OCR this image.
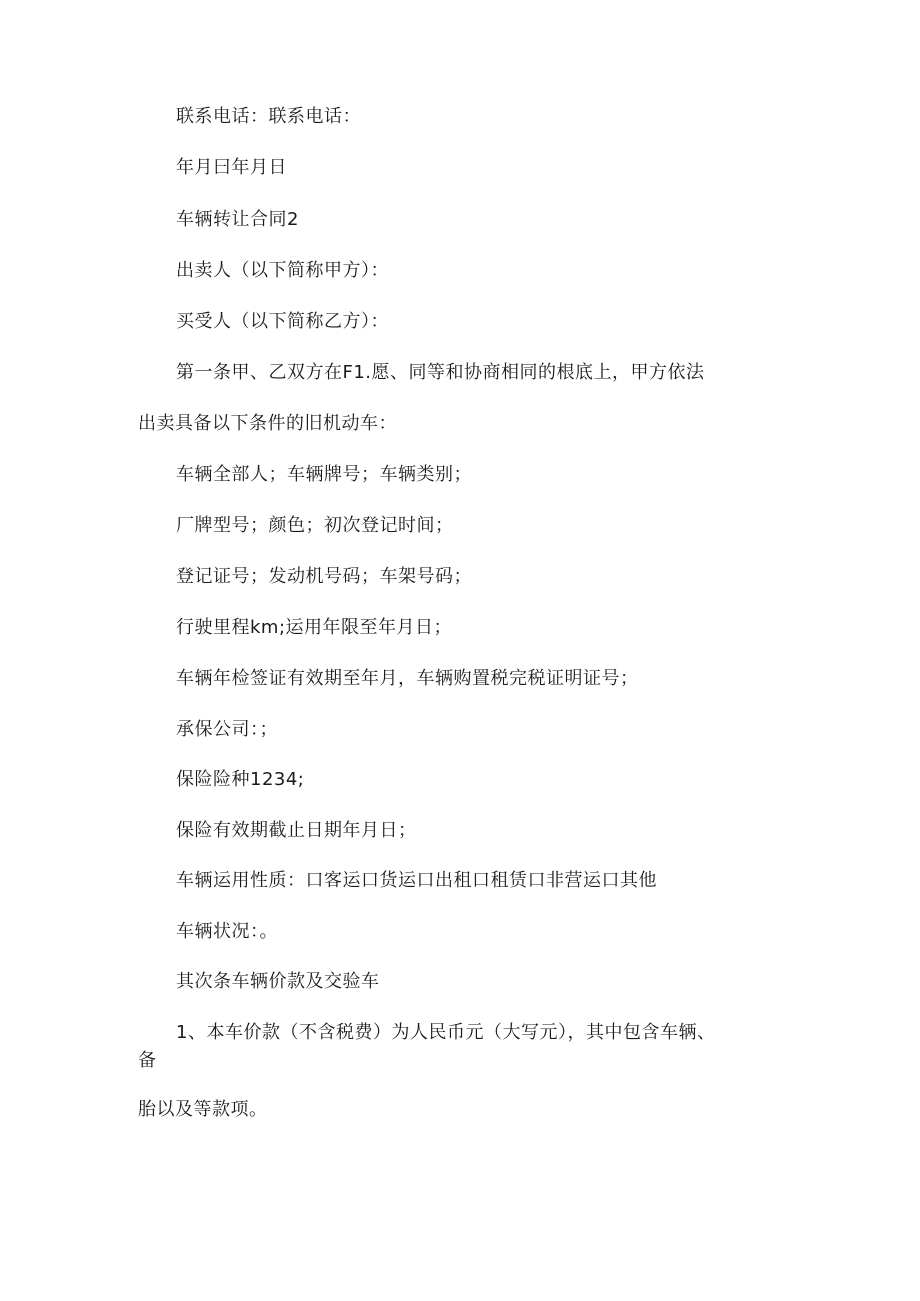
联系电话：联系电话：
年月曰年月日
车辆转让合同2
出卖人（以下简称甲方）：
买受人（以下简称乙方）：
第一条甲、乙双方在F1.愿、同等和协商相同的根底上，甲方依法
出卖具备以下条件的旧机动车：
车辆全部人；车辆牌号；车辆类别；
厂牌型号；颜色；初次登记时间；
登记证号；发动机号码；车架号码；
行驶里程km;运用年限至年月日；
车辆年检签证有效期至年月，车辆购置税完税证明证号；
承保公司：；
保险险种1234;
保险有效期截止日期年月日；
车辆运用性质：口客运口货运口出租口租赁口非营运口其他
车辆状况：。
其次条车辆价款及交验车
1、本车价款（不含税费）为人民币元（大写元），其中包含车辆、
备
胎以及等款项。
